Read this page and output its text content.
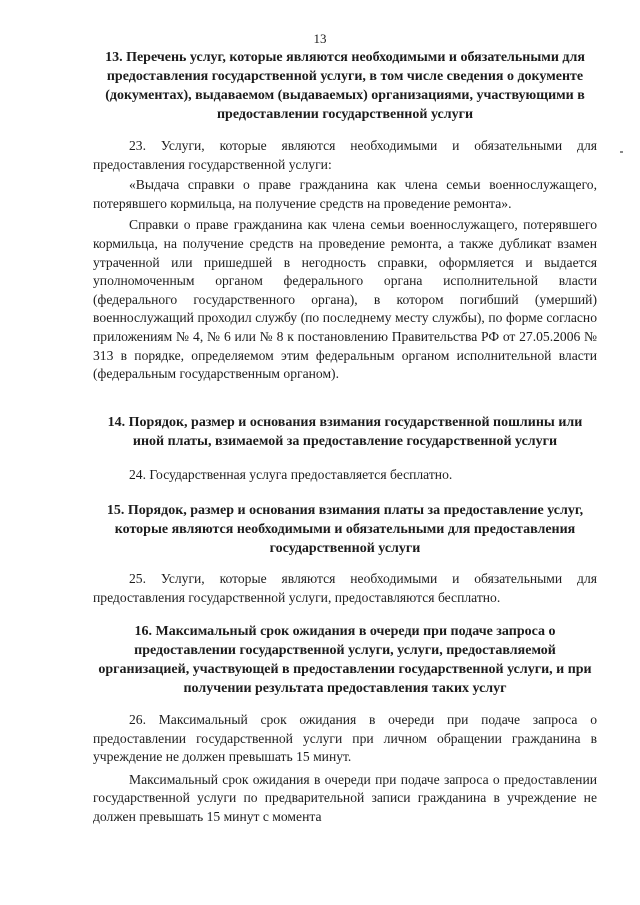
13

13. Перечень услуг, которые являются необходимыми и обязательными для предоставления государственной услуги, в том числе сведения о документе (документах), выдаваемом (выдаваемых) организациями, участвующими в предоставлении государственной услуги

23. Услуги, которые являются необходимыми и обязательными для предоставления государственной услуги:

«Выдача справки о праве гражданина как члена семьи военнослужащего, потерявшего кормильца, на получение средств на проведение ремонта».

Справки о праве гражданина как члена семьи военнослужащего, потерявшего кормильца, на получение средств на проведение ремонта, а также дубликат взамен утраченной или пришедшей в негодность справки, оформляется и выдается уполномоченным органом федерального органа исполнительной власти (федерального государственного органа), в котором погибший (умерший) военнослужащий проходил службу (по последнему месту службы), по форме согласно приложениям № 4, № 6 или № 8 к постановлению Правительства РФ от 27.05.2006 № 313 в порядке, определяемом этим федеральным органом исполнительной власти (федеральным государственным органом).

14. Порядок, размер и основания взимания государственной пошлины или иной платы, взимаемой за предоставление государственной услуги

24. Государственная услуга предоставляется бесплатно.

15. Порядок, размер и основания взимания платы за предоставление услуг, которые являются необходимыми и обязательными для предоставления государственной услуги

25. Услуги, которые являются необходимыми и обязательными для предоставления государственной услуги, предоставляются бесплатно.

16. Максимальный срок ожидания в очереди при подаче запроса о предоставлении государственной услуги, услуги, предоставляемой организацией, участвующей в предоставлении государственной услуги, и при получении результата предоставления таких услуг

26. Максимальный срок ожидания в очереди при подаче запроса о предоставлении государственной услуги при личном обращении гражданина в учреждение не должен превышать 15 минут.

Максимальный срок ожидания в очереди при подаче запроса о предоставлении государственной услуги по предварительной записи гражданина в учреждение не должен превышать 15 минут с момента
